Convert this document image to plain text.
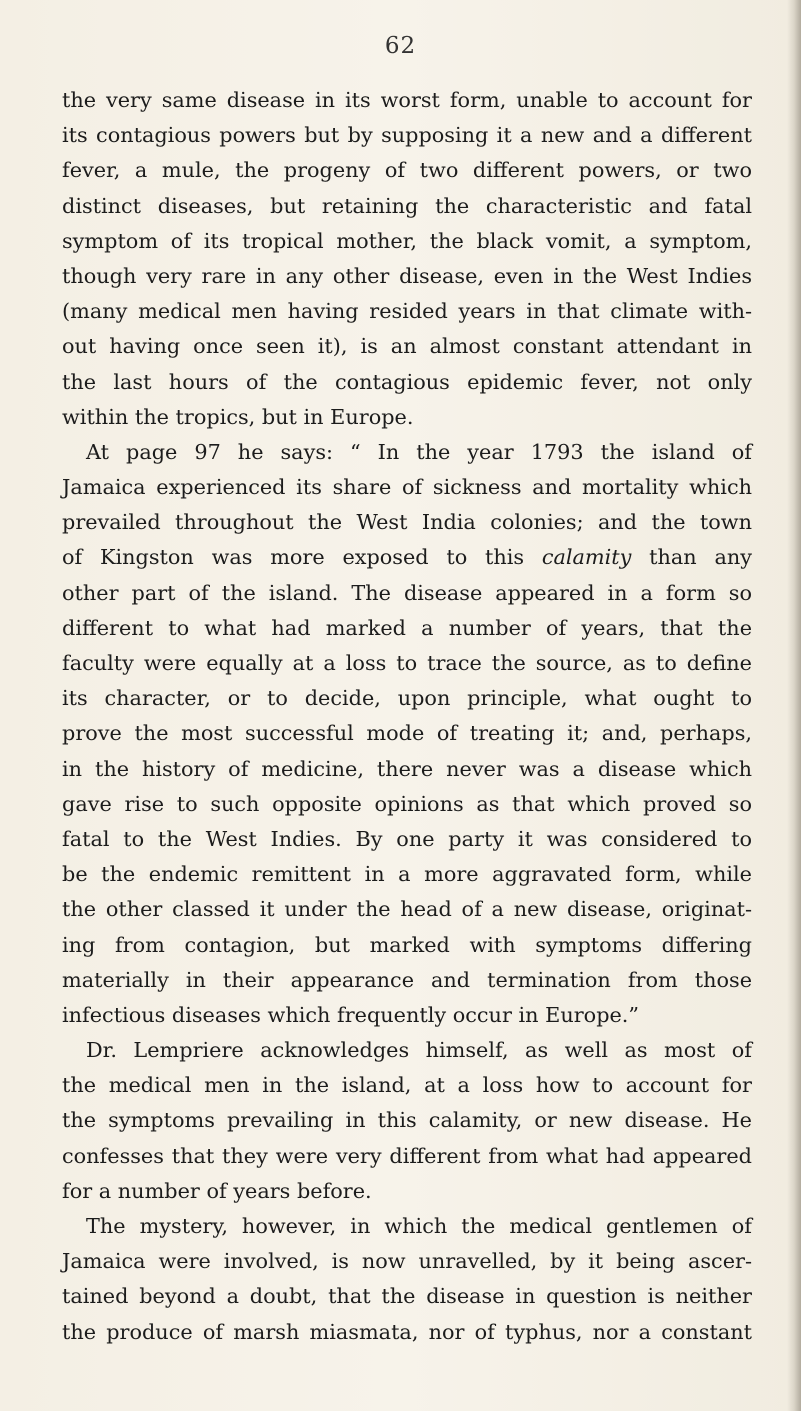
62
the very same disease in its worst form, unable to account for
its contagious powers but by supposing it a new and a different
fever, a mule, the progeny of two different powers, or two
distinct diseases, but retaining the characteristic and fatal
symptom of its tropical mother, the black vomit, a symptom,
though very rare in any other disease, even in the West Indies
(many medical men having resided years in that climate with-
out having once seen it), is an almost constant attendant in
the last hours of the contagious epidemic fever, not only
within the tropics, but in Europe.
At page 97 he says: “ In the year 1793 the island of
Jamaica experienced its share of sickness and mortality which
prevailed throughout the West India colonies; and the town
of Kingston was more exposed to this calamity than any
other part of the island. The disease appeared in a form so
different to what had marked a number of years, that the
faculty were equally at a loss to trace the source, as to define
its character, or to decide, upon principle, what ought to
prove the most successful mode of treating it; and, perhaps,
in the history of medicine, there never was a disease which
gave rise to such opposite opinions as that which proved so
fatal to the West Indies. By one party it was considered to
be the endemic remittent in a more aggravated form, while
the other classed it under the head of a new disease, originat-
ing from contagion, but marked with symptoms differing
materially in their appearance and termination from those
infectious diseases which frequently occur in Europe.”
Dr. Lempriere acknowledges himself, as well as most of
the medical men in the island, at a loss how to account for
the symptoms prevailing in this calamity, or new disease. He
confesses that they were very different from what had appeared
for a number of years before.
The mystery, however, in which the medical gentlemen of
Jamaica were involved, is now unravelled, by it being ascer-
tained beyond a doubt, that the disease in question is neither
the produce of marsh miasmata, nor of typhus, nor a constant
